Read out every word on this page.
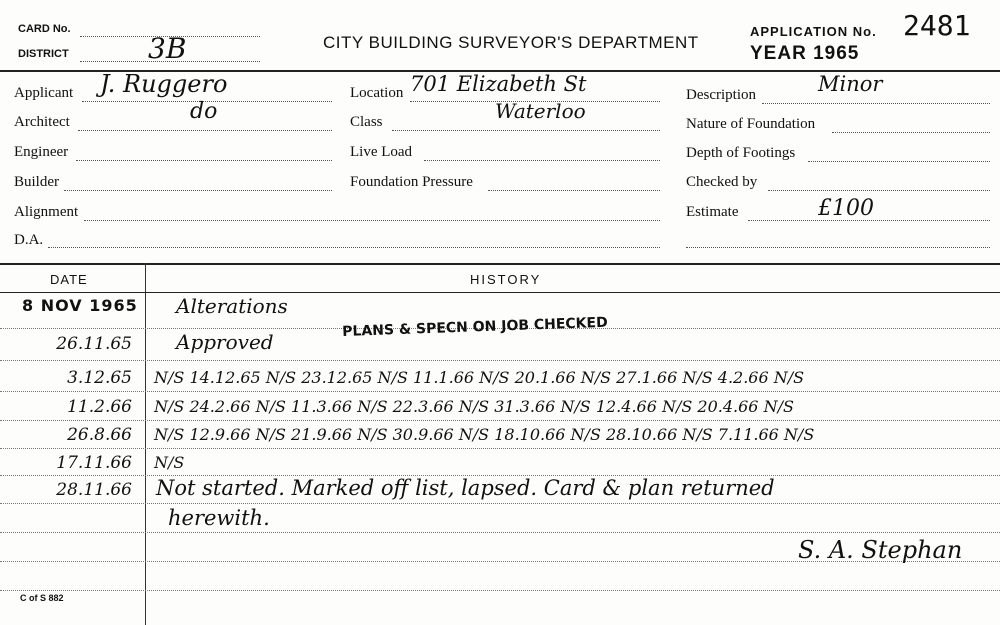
CARD No.
DISTRICT	3B	CITY BUILDING SURVEYOR'S DEPARTMENT
APPLICATION No. 2481
YEAR 1965
Applicant J. Ruggero
Architect	do
Engineer
Builder
Alignment
D.A.
Location 701 Elizabeth St
Class	Waterloo
Live Load
Foundation Pressure
Description	Minor
Nature of Foundation
Depth of Footings
Checked by
Estimate	£100
DATE	HISTORY
8 NOV 1965 Alterations
26.11.65 Approved
PLANS & SPECN ON JOB CHECKED
3.12.65 N/S 14.12.65 N/S 23.12.65 N/S 11.1.66 N/S 20.1.66 N/S 27.1.66 N/S 4.2.66 N/S
11.2.66 N/S 24.2.66 N/S 11.3.66 N/S 22.3.66 N/S 31.3.66 N/S 12.4.66 N/S 20.4.66 N/S
26.8.66 N/S 12.9.66 N/S 21.9.66 N/S 30.9.66 N/S 18.10.66 N/S 28.10.66 N/S 7.11.66 N/S
17.11.66 N/S
28.11.66 Not started. Marked off list, lapsed. Card & plan returned
herewith.
S. A. Stephan
C of S 882
